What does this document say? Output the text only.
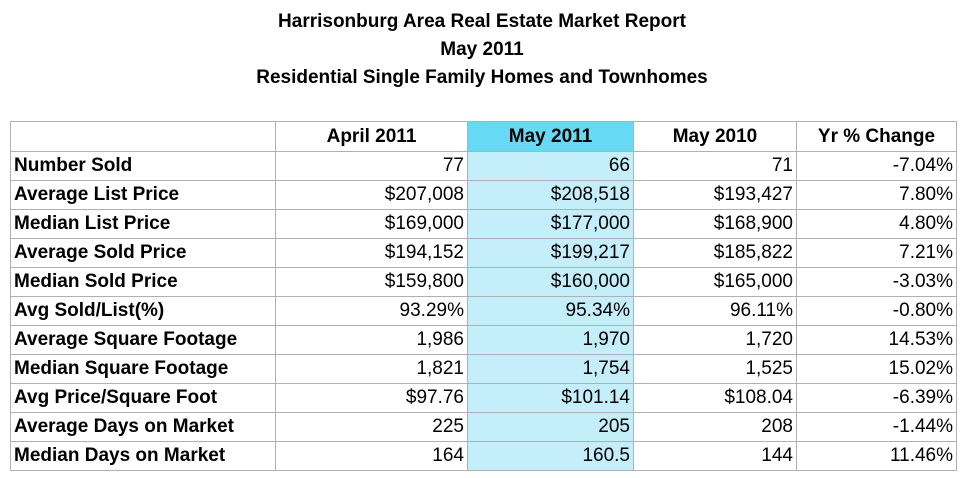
Harrisonburg Area Real Estate Market Report
May 2011
Residential Single Family Homes and Townhomes
	April 2011	May 2011	May 2010	Yr % Change
Number Sold	77	66	71	-7.04%
Average List Price	$207,008	$208,518	$193,427	7.80%
Median List Price	$169,000	$177,000	$168,900	4.80%
Average Sold Price	$194,152	$199,217	$185,822	7.21%
Median Sold Price	$159,800	$160,000	$165,000	-3.03%
Avg Sold/List(%)	93.29%	95.34%	96.11%	-0.80%
Average Square Footage	1,986	1,970	1,720	14.53%
Median Square Footage	1,821	1,754	1,525	15.02%
Avg Price/Square Foot	$97.76	$101.14	$108.04	-6.39%
Average Days on Market	225	205	208	-1.44%
Median Days on Market	164	160.5	144	11.46%
